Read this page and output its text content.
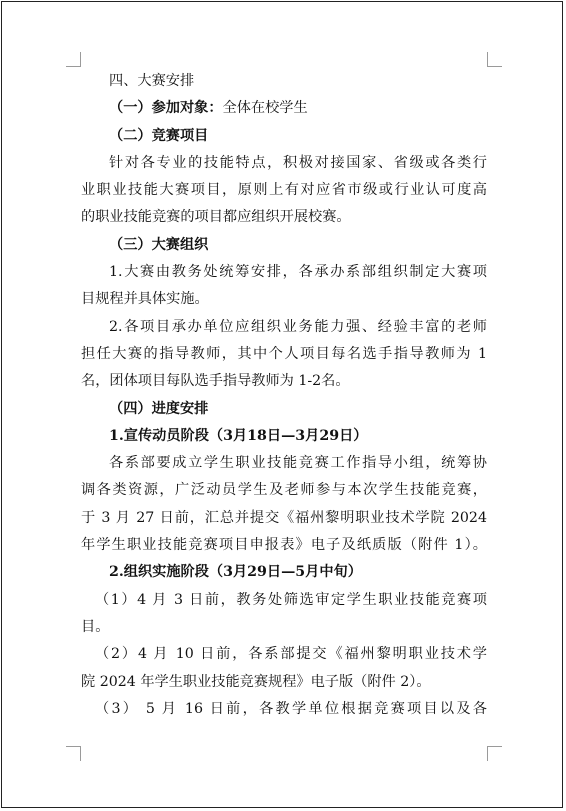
四、大赛安排
（一）参加对象：全体在校学生
（二）竞赛项目
针对各专业的技能特点，积极对接国家、省级或各类行
业职业技能大赛项目，原则上有对应省市级或行业认可度高
的职业技能竞赛的项目都应组织开展校赛。
（三）大赛组织
1.大赛由教务处统筹安排，各承办系部组织制定大赛项
目规程并具体实施。
2.各项目承办单位应组织业务能力强、经验丰富的老师
担任大赛的指导教师，其中个人项目每名选手指导教师为 1
名，团体项目每队选手指导教师为 1-2名。
（四）进度安排
1.宣传动员阶段（3月18日—3月29日）
各系部要成立学生职业技能竞赛工作指导小组，统筹协
调各类资源，广泛动员学生及老师参与本次学生技能竞赛，
于 3 月 27 日前，汇总并提交《福州黎明职业技术学院 2024
年学生职业技能竞赛项目申报表》电子及纸质版（附件 1）。
2.组织实施阶段（3月29日—5月中旬）
（1）4 月 3 日前，教务处筛选审定学生职业技能竞赛项
目。
（2）4 月 10 日前，各系部提交《福州黎明职业技术学
院 2024 年学生职业技能竞赛规程》电子版（附件 2）。
（3） 5 月 16 日前，各教学单位根据竞赛项目以及各
